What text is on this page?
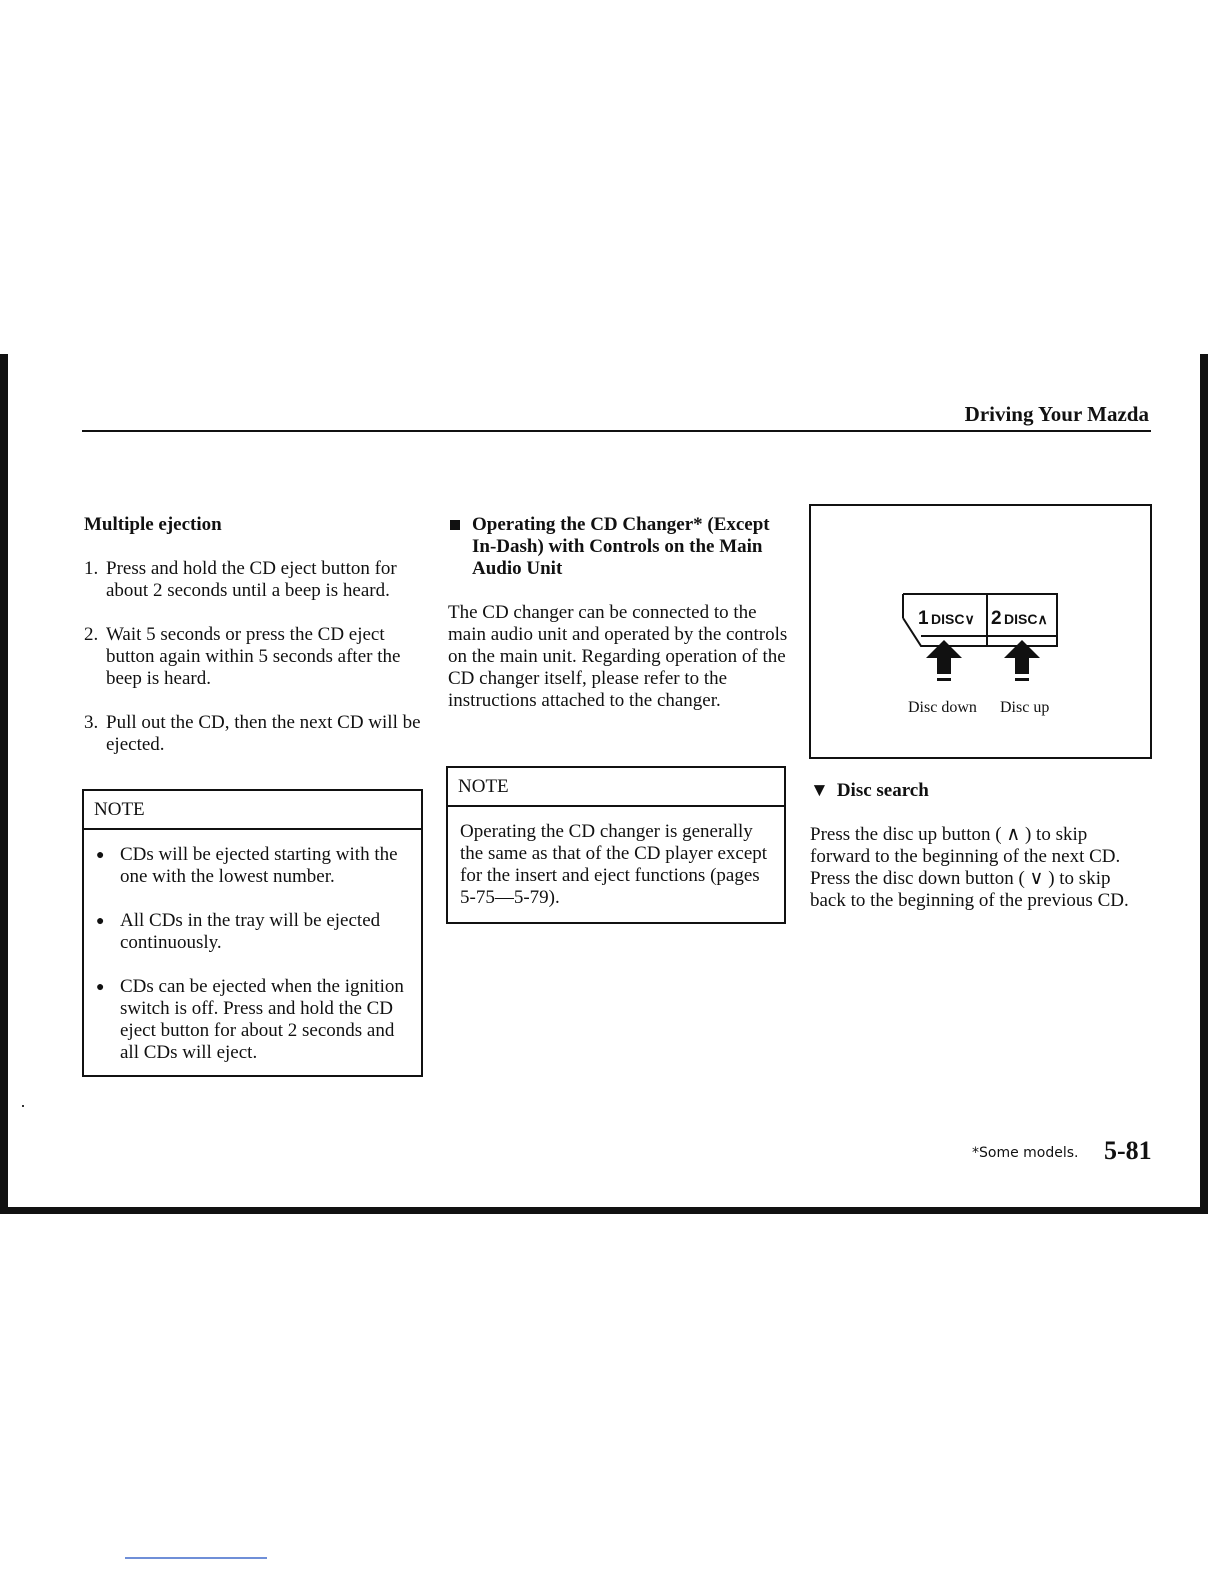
Driving Your Mazda
Multiple ejection
1. Press and hold the CD eject button for about 2 seconds until a beep is heard.
2. Wait 5 seconds or press the CD eject button again within 5 seconds after the beep is heard.
3. Pull out the CD, then the next CD will be ejected.
NOTE
● CDs will be ejected starting with the one with the lowest number.
● All CDs in the tray will be ejected continuously.
● CDs can be ejected when the ignition switch is off. Press and hold the CD eject button for about 2 seconds and all CDs will eject.
Operating the CD Changer* (Except In-Dash) with Controls on the Main Audio Unit
The CD changer can be connected to the main audio unit and operated by the controls on the main unit. Regarding operation of the CD changer itself, please refer to the instructions attached to the changer.
NOTE
Operating the CD changer is generally the same as that of the CD player except for the insert and eject functions (pages 5-75—5-79).
1 DISC∨ 2 DISC∧
Disc down Disc up
▼ Disc search
Press the disc up button ( ∧ ) to skip forward to the beginning of the next CD. Press the disc down button ( ∨ ) to skip back to the beginning of the previous CD.
*Some models. 5-81
